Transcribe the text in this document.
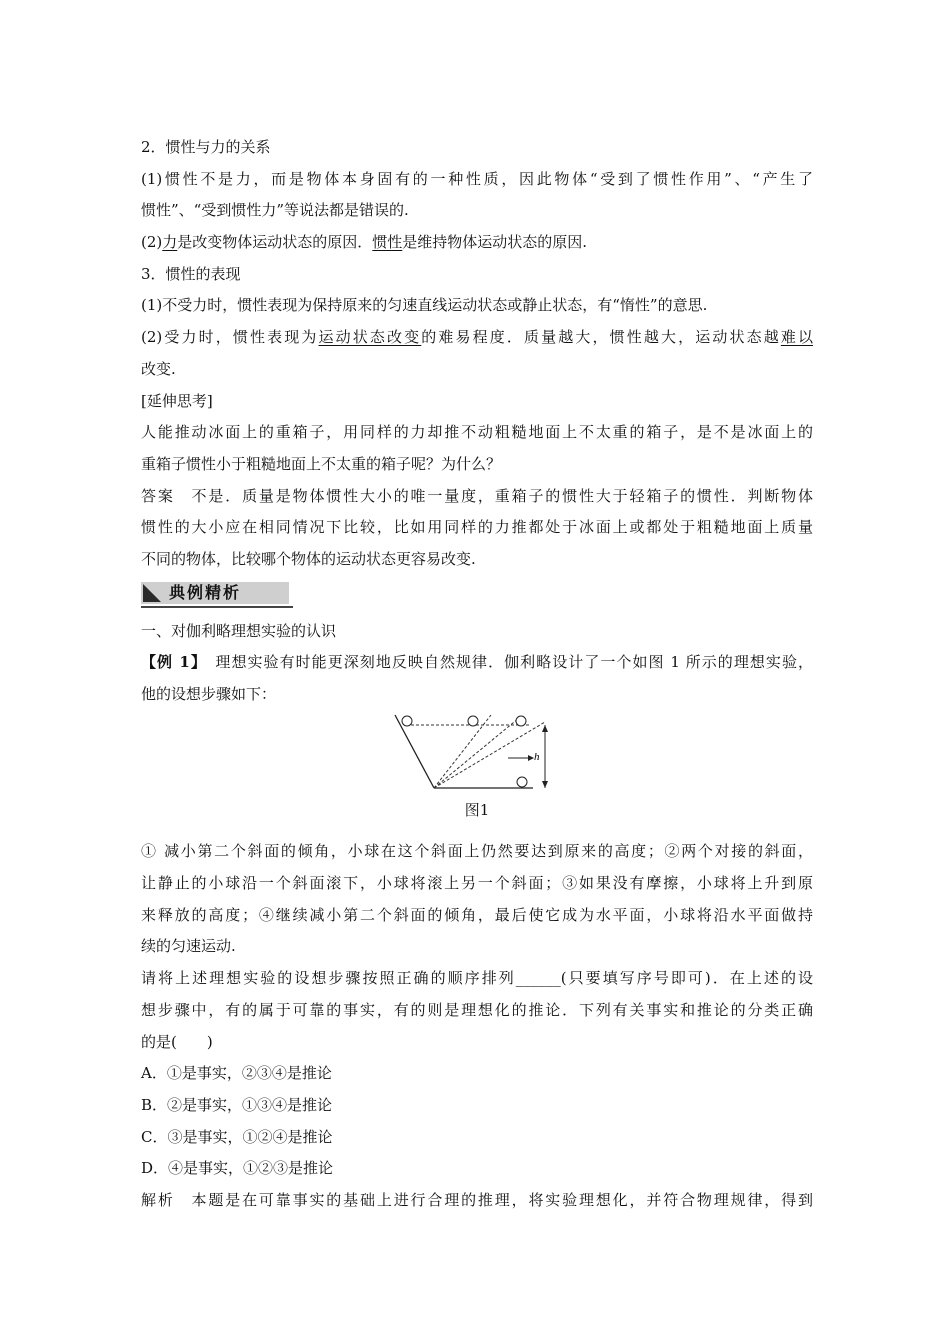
2．惯性与力的关系
(1)惯性不是力，而是物体本身固有的一种性质，因此物体“受到了惯性作用”、“产生了
惯性”、“受到惯性力”等说法都是错误的.
(2)力是改变物体运动状态的原因．惯性是维持物体运动状态的原因.
3．惯性的表现
(1)不受力时，惯性表现为保持原来的匀速直线运动状态或静止状态，有“惰性”的意思.
(2)受力时，惯性表现为运动状态改变的难易程度．质量越大，惯性越大，运动状态越难以
改变.
[延伸思考]
人能推动冰面上的重箱子，用同样的力却推不动粗糙地面上不太重的箱子，是不是冰面上的
重箱子惯性小于粗糙地面上不太重的箱子呢？为什么？
答案　不是．质量是物体惯性大小的唯一量度，重箱子的惯性大于轻箱子的惯性．判断物体
惯性的大小应在相同情况下比较，比如用同样的力推都处于冰面上或都处于粗糙地面上质量
不同的物体，比较哪个物体的运动状态更容易改变.
典例精析
一、对伽利略理想实验的认识
【例 1】　理想实验有时能更深刻地反映自然规律．伽利略设计了一个如图 1 所示的理想实验，
他的设想步骤如下：
h
图1
① 减小第二个斜面的倾角，小球在这个斜面上仍然要达到原来的高度；②两个对接的斜面，
让静止的小球沿一个斜面滚下，小球将滚上另一个斜面；③如果没有摩擦，小球将上升到原
来释放的高度；④继续减小第二个斜面的倾角，最后使它成为水平面，小球将沿水平面做持
续的匀速运动.
请将上述理想实验的设想步骤按照正确的顺序排列______(只要填写序号即可)．在上述的设
想步骤中，有的属于可靠的事实，有的则是理想化的推论．下列有关事实和推论的分类正确
的是(　　)
A．①是事实，②③④是推论
B．②是事实，①③④是推论
C．③是事实，①②④是推论
D．④是事实，①②③是推论
解析　本题是在可靠事实的基础上进行合理的推理，将实验理想化，并符合物理规律，得到
